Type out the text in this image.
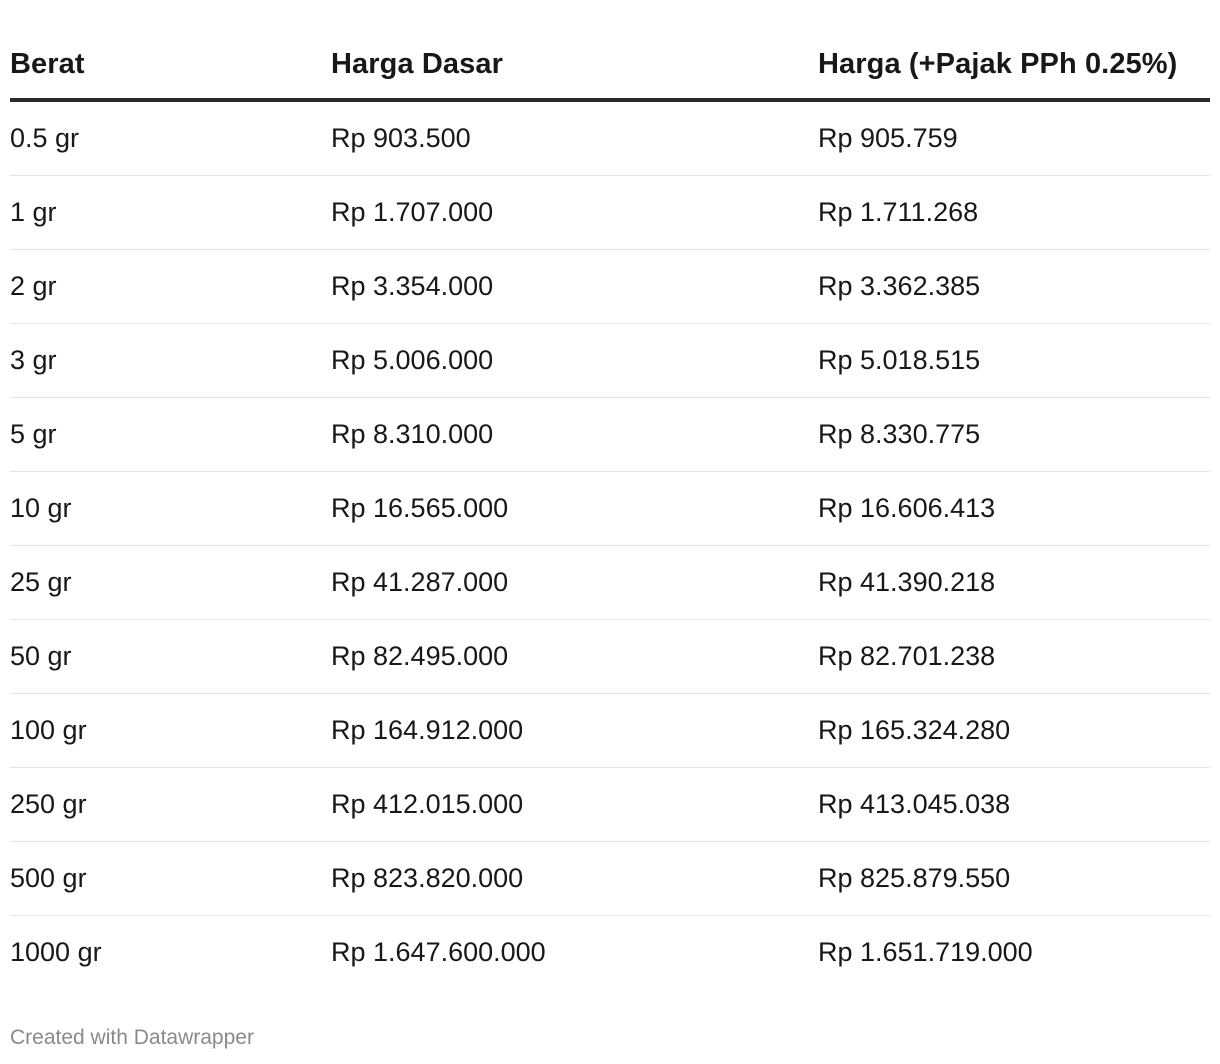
Berat	Harga Dasar	Harga (+Pajak PPh 0.25%)
0.5 gr	Rp 903.500	Rp 905.759
1 gr	Rp 1.707.000	Rp 1.711.268
2 gr	Rp 3.354.000	Rp 3.362.385
3 gr	Rp 5.006.000	Rp 5.018.515
5 gr	Rp 8.310.000	Rp 8.330.775
10 gr	Rp 16.565.000	Rp 16.606.413
25 gr	Rp 41.287.000	Rp 41.390.218
50 gr	Rp 82.495.000	Rp 82.701.238
100 gr	Rp 164.912.000	Rp 165.324.280
250 gr	Rp 412.015.000	Rp 413.045.038
500 gr	Rp 823.820.000	Rp 825.879.550
1000 gr	Rp 1.647.600.000	Rp 1.651.719.000
Created with Datawrapper
